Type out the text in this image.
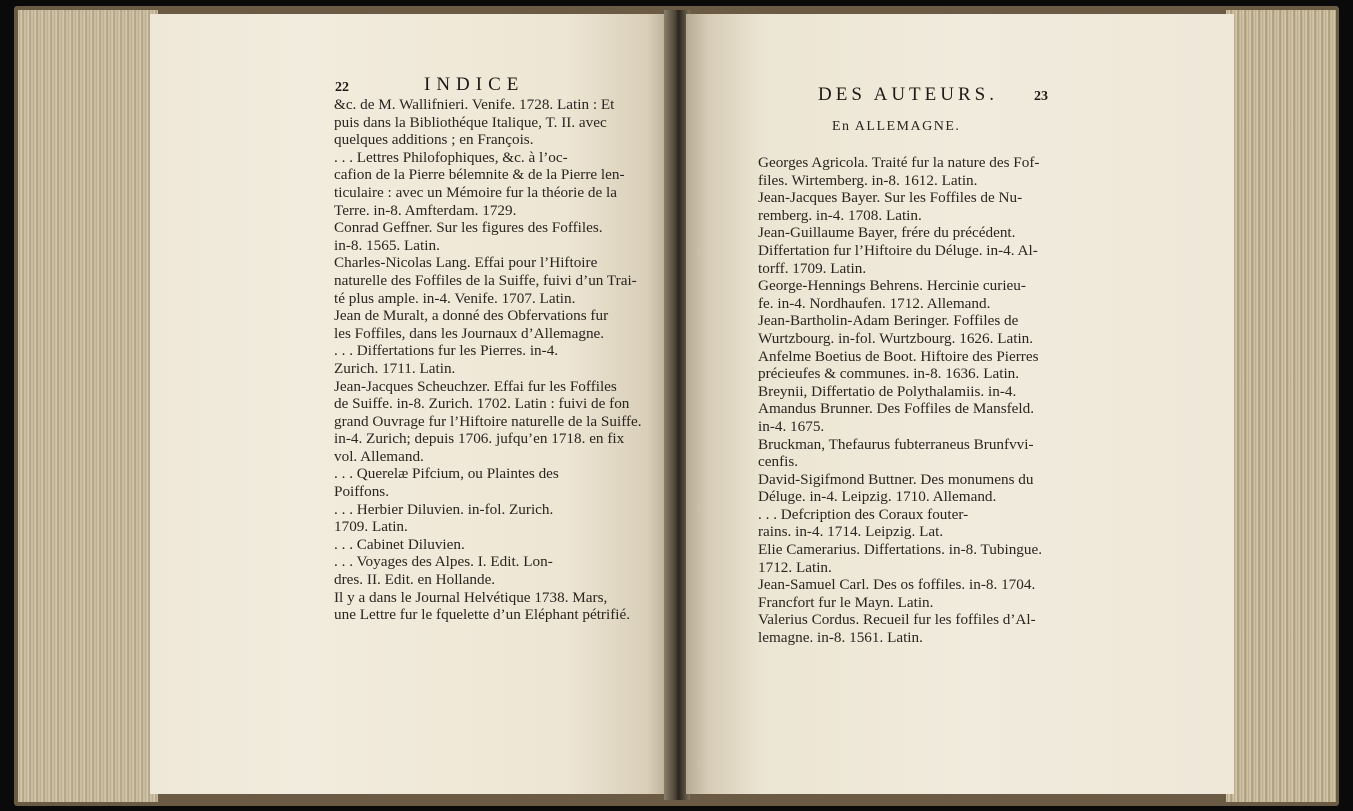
22	INDICE
&c. de M. Wallifnieri. Venife. 1728. Latin : Et
puis dans la Bibliothéque Italique, T. II. avec
quelques additions ; en François.
. . . Lettres Philofophiques, &c. à l’oc-
cafion de la Pierre bélemnite & de la Pierre len-
ticulaire : avec un Mémoire fur la théorie de la
Terre. in-8. Amfterdam. 1729.
Conrad Geffner. Sur les figures des Foffiles.
in-8. 1565. Latin.
Charles-Nicolas Lang. Effai pour l’Hiftoire
naturelle des Foffiles de la Suiffe, fuivi d’un Trai-
té plus ample. in-4. Venife. 1707. Latin.
Jean de Muralt, a donné des Obfervations fur
les Foffiles, dans les Journaux d’Allemagne.
. . . Differtations fur les Pierres. in-4.
Zurich. 1711. Latin.
Jean-Jacques Scheuchzer. Effai fur les Foffiles
de Suiffe. in-8. Zurich. 1702. Latin : fuivi de fon
grand Ouvrage fur l’Hiftoire naturelle de la Suiffe.
in-4. Zurich; depuis 1706. jufqu’en 1718. en fix
vol. Allemand.
. . . Querelæ Pifcium, ou Plaintes des
Poiffons.
. . . Herbier Diluvien. in-fol. Zurich.
1709. Latin.
. . . Cabinet Diluvien.
. . . Voyages des Alpes. I. Edit. Lon-
dres. II. Edit. en Hollande.
Il y a dans le Journal Helvétique 1738. Mars,
une Lettre fur le fquelette d’un Eléphant pétrifié.
DES AUTEURS.	23
En ALLEMAGNE.
Georges Agricola. Traité fur la nature des Fof-
files. Wirtemberg. in-8. 1612. Latin.
Jean-Jacques Bayer. Sur les Foffiles de Nu-
remberg. in-4. 1708. Latin.
Jean-Guillaume Bayer, frére du précédent.
Differtation fur l’Hiftoire du Déluge. in-4. Al-
torff. 1709. Latin.
George-Hennings Behrens. Hercinie curieu-
fe. in-4. Nordhaufen. 1712. Allemand.
Jean-Bartholin-Adam Beringer. Foffiles de
Wurtzbourg. in-fol. Wurtzbourg. 1626. Latin.
Anfelme Boetius de Boot. Hiftoire des Pierres
précieufes & communes. in-8. 1636. Latin.
Breynii, Differtatio de Polythalamiis. in-4.
Amandus Brunner. Des Foffiles de Mansfeld.
in-4. 1675.
Bruckman, Thefaurus fubterraneus Brunfvvi-
cenfis.
David-Sigifmond Buttner. Des monumens du
Déluge. in-4. Leipzig. 1710. Allemand.
. . . Defcription des Coraux fouter-
rains. in-4. 1714. Leipzig. Lat.
Elie Camerarius. Differtations. in-8. Tubingue.
1712. Latin.
Jean-Samuel Carl. Des os foffiles. in-8. 1704.
Francfort fur le Mayn. Latin.
Valerius Cordus. Recueil fur les foffiles d’Al-
lemagne. in-8. 1561. Latin.
